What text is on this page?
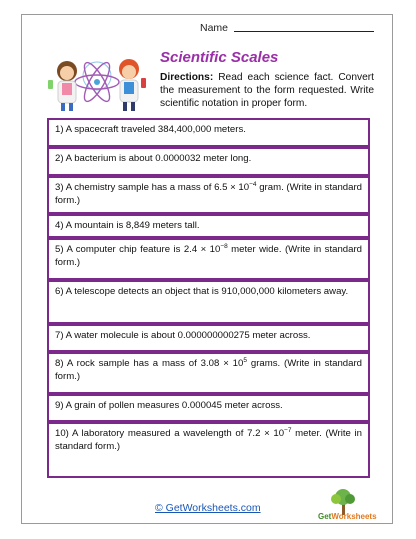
Name
Scientific Scales
Directions: Read each science fact. Convert the measurement to the form requested. Write scientific notation in proper form.
1) A spacecraft traveled 384,400,000 meters.
2) A bacterium is about 0.0000032 meter long.
3) A chemistry sample has a mass of $6.5 \times 10^{-4}$ gram. (Write in standard form.)
4) A mountain is 8,849 meters tall.
5) A computer chip feature is $2.4 \times 10^{-8}$ meter wide. (Write in standard form.)
6) A telescope detects an object that is 910,000,000 kilometers away.
7) A water molecule is about 0.000000000275 meter across.
8) A rock sample has a mass of $3.08 \times 10^5$ grams. (Write in standard form.)
9) A grain of pollen measures 0.000045 meter across.
10) A laboratory measured a wavelength of $7.2 \times 10^{-7}$ meter. (Write in standard form.)
© GetWorksheets.com
GetWorksheets
